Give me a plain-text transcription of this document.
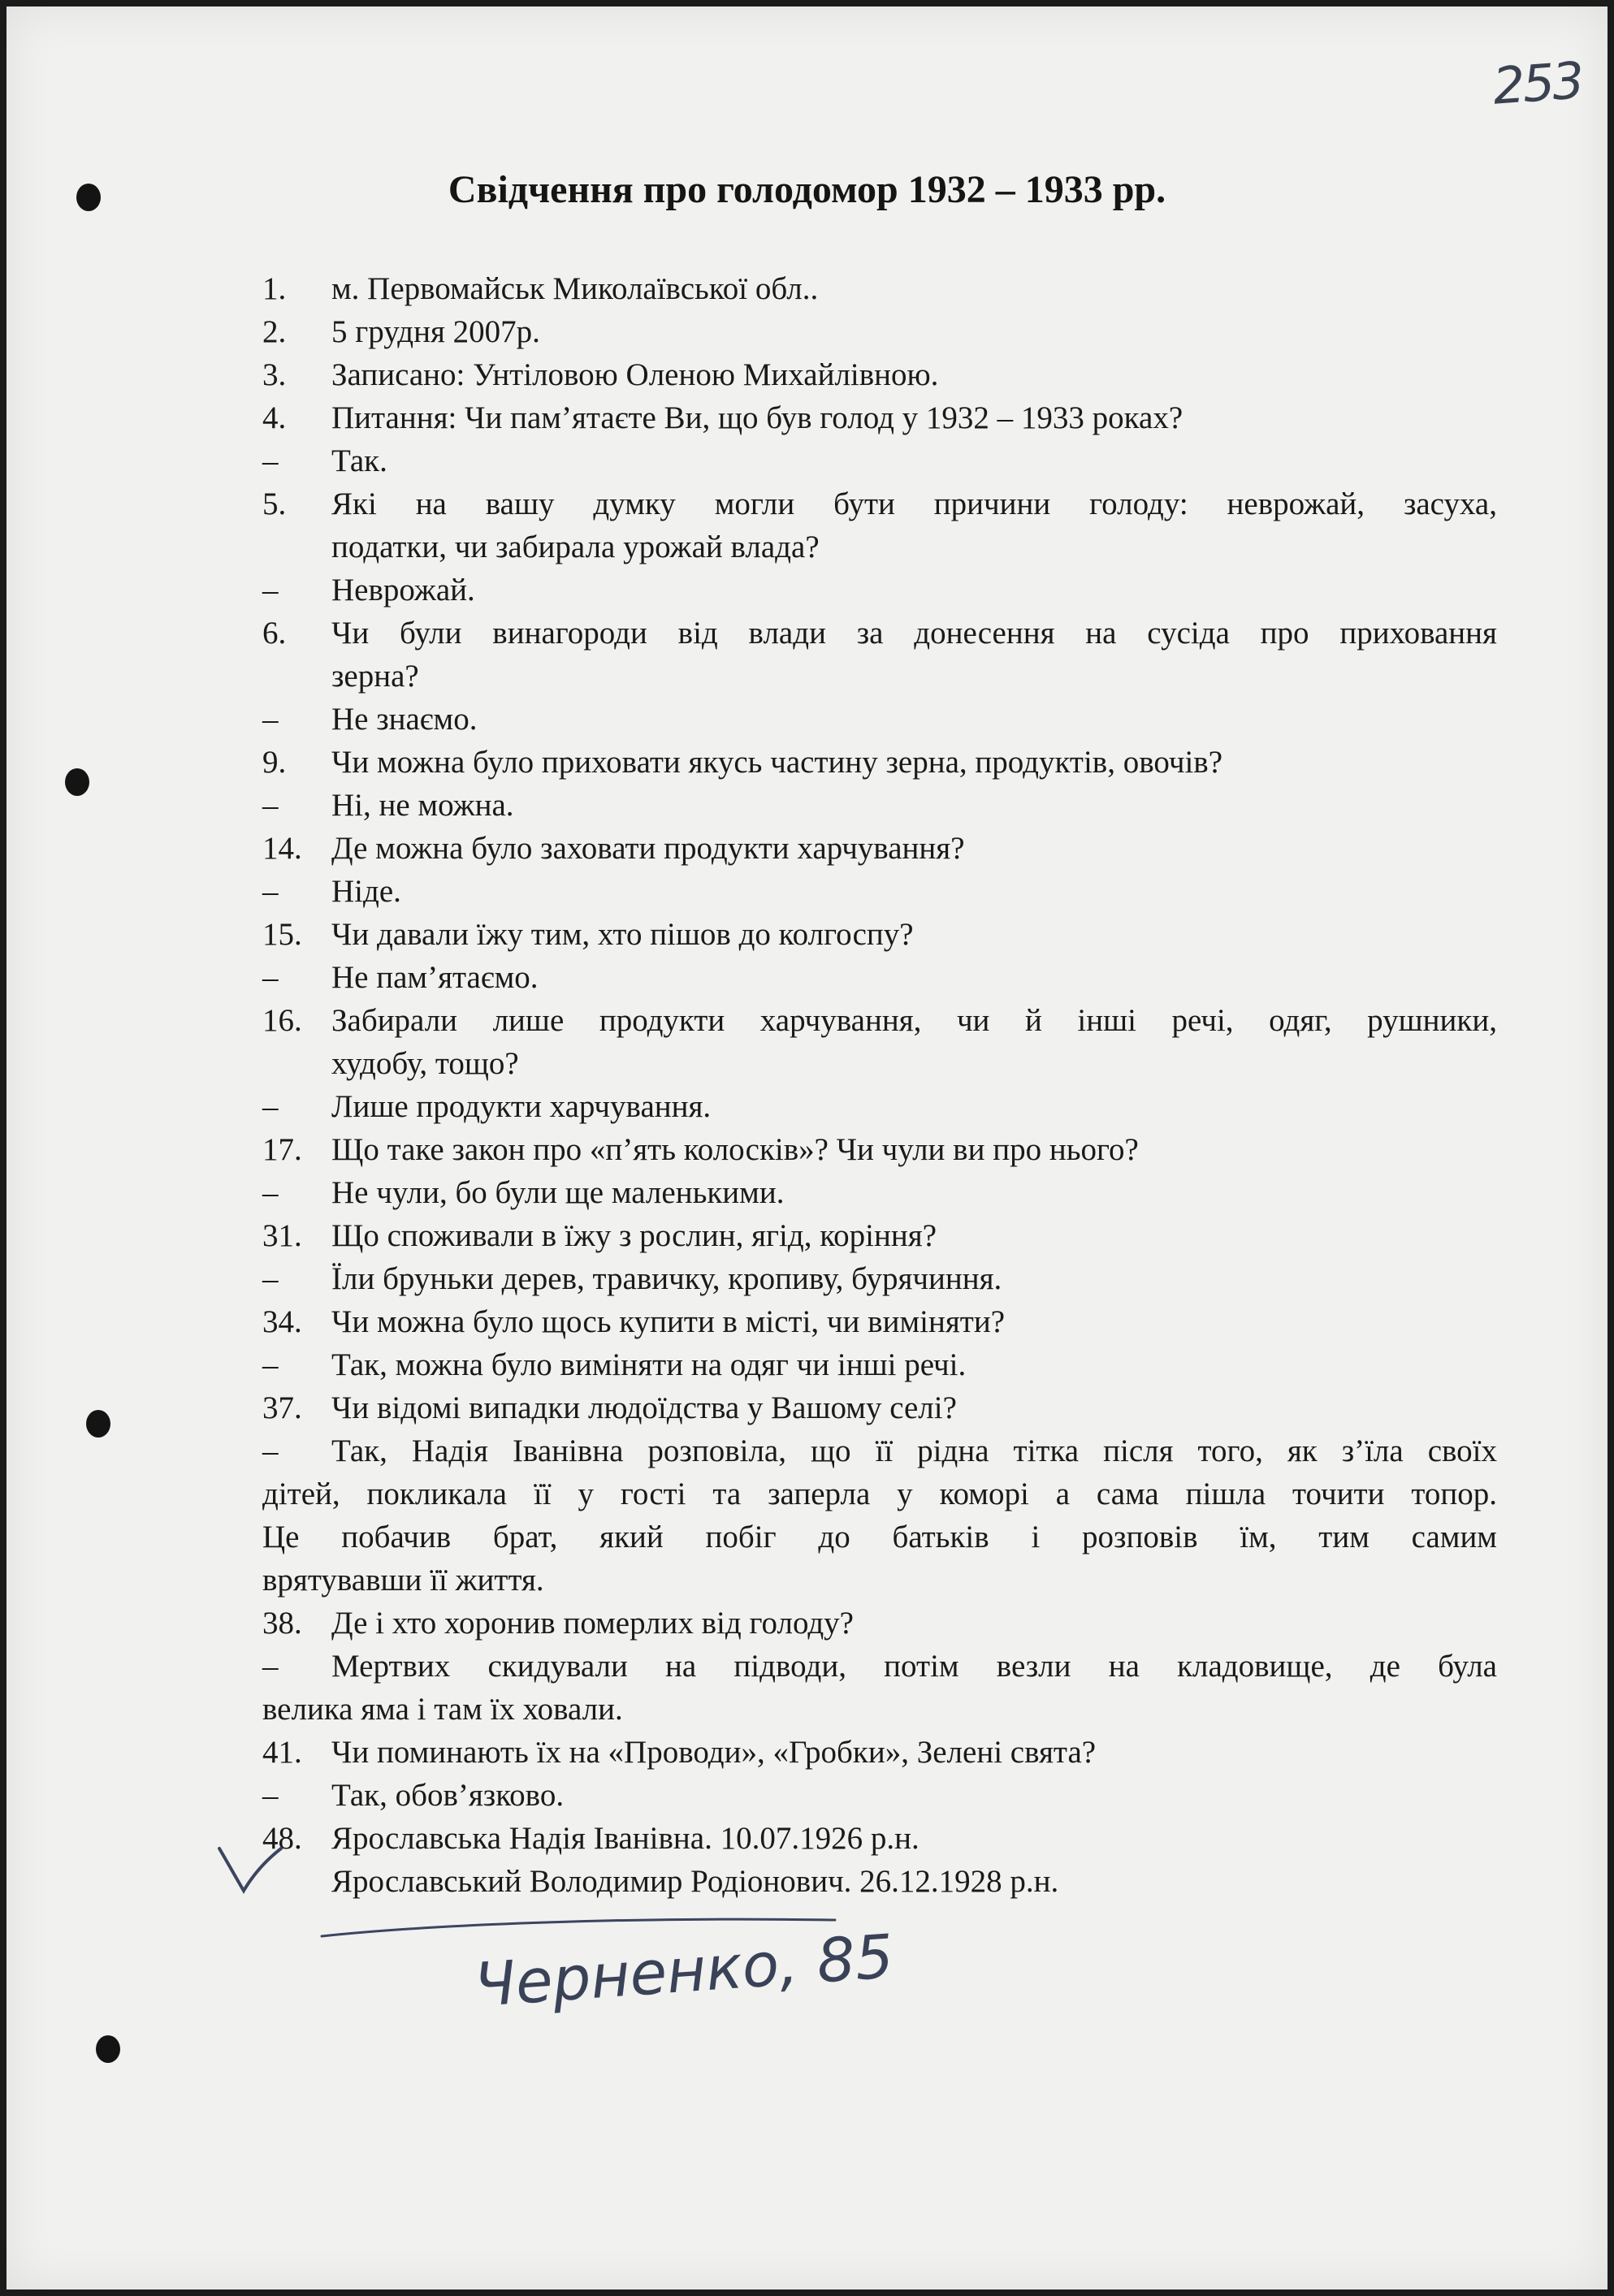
253
Свідчення про голодомор 1932 – 1933 рр.
1.	м. Первомайськ Миколаївської обл..
2.	5 грудня 2007р.
3.	Записано: Унтіловою Оленою Михайлівною.
4.	Питання: Чи пам’ятаєте Ви, що був голод у 1932 – 1933 роках?
–	Так.
5.	Які на вашу думку могли бути причини голоду: неврожай, засуха,
податки, чи забирала урожай влада?
–	Неврожай.
6.	Чи були винагороди від влади за донесення на сусіда про приховання
зерна?
–	Не знаємо.
9.	Чи можна було приховати якусь частину зерна, продуктів, овочів?
–	Ні, не можна.
14. Де можна було заховати продукти харчування?
–	Ніде.
15. Чи давали їжу тим, хто пішов до колгоспу?
–	Не пам’ятаємо.
16. Забирали лише продукти харчування, чи й інші речі, одяг, рушники,
худобу, тощо?
–	Лише продукти харчування.
17. Що таке закон про «п’ять колосків»? Чи чули ви про нього?
–	Не чули, бо були ще маленькими.
31. Що споживали в їжу з рослин, ягід, коріння?
–	Їли бруньки дерев, травичку, кропиву, бурячиння.
34. Чи можна було щось купити в місті, чи виміняти?
–	Так, можна було виміняти на одяг чи інші речі.
37. Чи відомі випадки людоїдства у Вашому селі?
–	Так, Надія Іванівна розповіла, що її рідна тітка після того, як з’їла своїх
дітей, покликала її у гості та заперла у коморі а сама пішла точити топор.
Це побачив брат, який побіг до батьків і розповів їм, тим самим
врятувавши її життя.
38. Де і хто хоронив померлих від голоду?
–	Мертвих скидували на підводи, потім везли на кладовище, де була
велика яма і там їх ховали.
41. Чи поминають їх на «Проводи», «Гробки», Зелені свята?
–	Так, обов’язково.
48. Ярославська Надія Іванівна. 10.07.1926 р.н.
Ярославський Володимир Родіонович. 26.12.1928 р.н.
Черненко, 85
